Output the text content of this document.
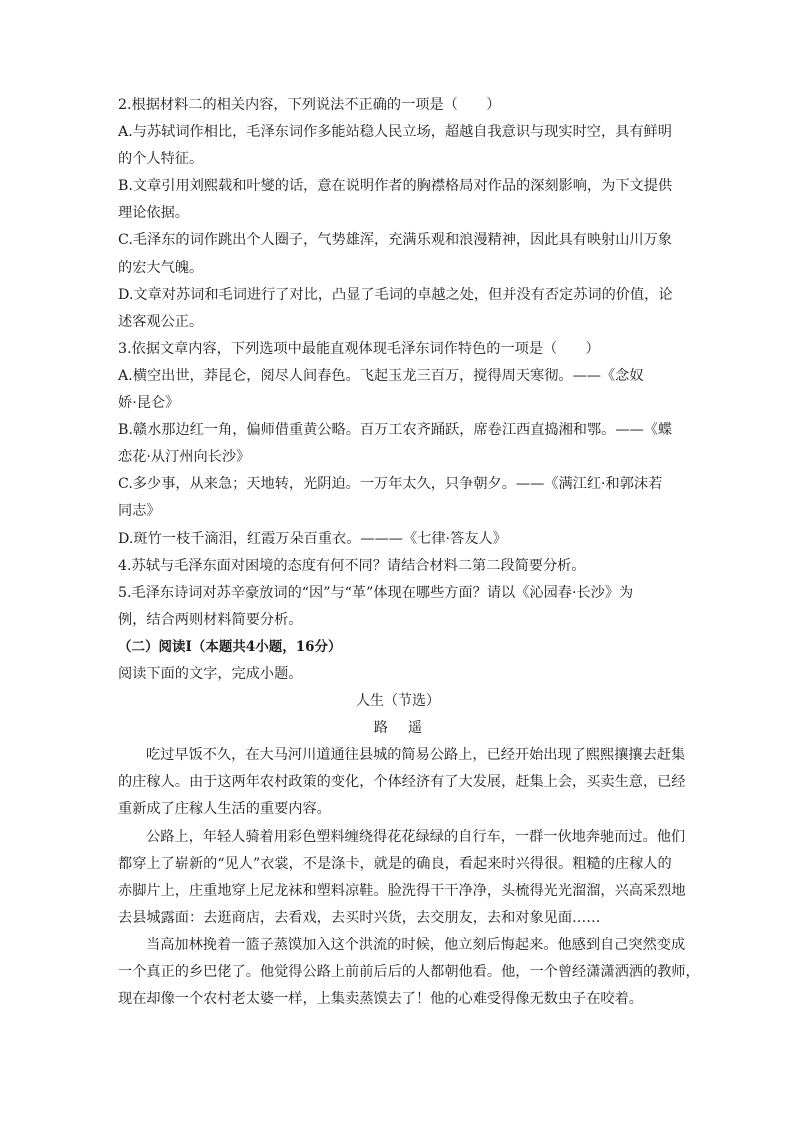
2.根据材料二的相关内容，下列说法不正确的一项是（　　）
A.与苏轼词作相比，毛泽东词作多能站稳人民立场，超越自我意识与现实时空，具有鲜明
的个人特征。
B.文章引用刘熙载和叶燮的话，意在说明作者的胸襟格局对作品的深刻影响，为下文提供
理论依据。
C.毛泽东的词作跳出个人圈子，气势雄浑，充满乐观和浪漫精神，因此具有映射山川万象
的宏大气魄。
D.文章对苏词和毛词进行了对比，凸显了毛词的卓越之处，但并没有否定苏词的价值，论
述客观公正。
3.依据文章内容，下列选项中最能直观体现毛泽东词作特色的一项是（　　）
A.横空出世，莽昆仑，阅尽人间春色。飞起玉龙三百万，搅得周天寒彻。——《念奴
娇·昆仑》
B.赣水那边红一角，偏师借重黄公略。百万工农齐踊跃，席卷江西直捣湘和鄂。——《蝶
恋花·从汀州向长沙》
C.多少事，从来急；天地转，光阴迫。一万年太久，只争朝夕。——《满江红·和郭沫若
同志》
D.斑竹一枝千滴泪，红霞万朵百重衣。———《七律·答友人》
4.苏轼与毛泽东面对困境的态度有何不同？请结合材料二第二段简要分析。
5.毛泽东诗词对苏辛豪放词的“因”与“革”体现在哪些方面？请以《沁园春·长沙》为
例，结合两则材料简要分析。
（二）阅读Ⅰ（本题共4小题，16分）
阅读下面的文字，完成小题。
人生（节选）
路遥
吃过早饭不久，在大马河川道通往县城的简易公路上，已经开始出现了熙熙攘攘去赶集
的庄稼人。由于这两年农村政策的变化，个体经济有了大发展，赶集上会，买卖生意，已经
重新成了庄稼人生活的重要内容。
公路上，年轻人骑着用彩色塑料缠绕得花花绿绿的自行车，一群一伙地奔驰而过。他们
都穿上了崭新的“见人”衣裳，不是涤卡，就是的确良，看起来时兴得很。粗糙的庄稼人的
赤脚片上，庄重地穿上尼龙袜和塑料凉鞋。脸洗得干干净净，头梳得光光溜溜，兴高采烈地
去县城露面：去逛商店，去看戏，去买时兴货，去交朋友，去和对象见面……
当高加林挽着一篮子蒸馍加入这个洪流的时候，他立刻后悔起来。他感到自己突然变成
一个真正的乡巴佬了。他觉得公路上前前后后的人都朝他看。他，一个曾经潇潇洒洒的教师，
现在却像一个农村老太婆一样，上集卖蒸馍去了！他的心难受得像无数虫子在咬着。
